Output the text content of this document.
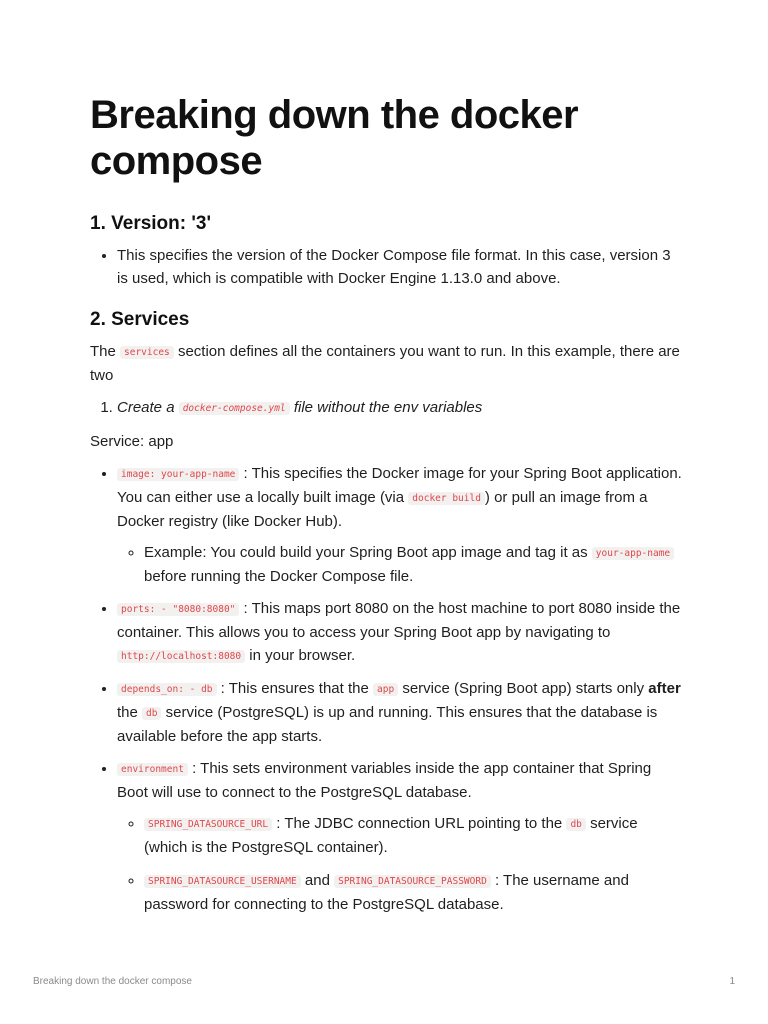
Breaking down the docker compose
1. Version: '3'
• This specifies the version of the Docker Compose file format. In this case, version 3 is used, which is compatible with Docker Engine 1.13.0 and above.
2. Services

The services section defines all the containers you want to run. In this example, there are two

1. Create a docker-compose.yml file without the env variables

Service: app

• image: your-app-name : This specifies the Docker image for your Spring Boot application. You can either use a locally built image (via docker build ) or pull an image from a Docker registry (like Docker Hub).
◦ Example: You could build your Spring Boot app image and tag it as your-app-name before running the Docker Compose file.
• ports: - "8080:8080" : This maps port 8080 on the host machine to port 8080 inside the container. This allows you to access your Spring Boot app by navigating to http://localhost:8080 in your browser.
• depends_on: - db : This ensures that the app service (Spring Boot app) starts only after the db service (PostgreSQL) is up and running. This ensures that the database is available before the app starts.
• environment : This sets environment variables inside the app container that Spring Boot will use to connect to the PostgreSQL database.
◦ SPRING_DATASOURCE_URL : The JDBC connection URL pointing to the db service (which is the PostgreSQL container).
◦ SPRING_DATASOURCE_USERNAME and SPRING_DATASOURCE_PASSWORD : The username and password for connecting to the PostgreSQL database.
Breaking down the docker compose	1
